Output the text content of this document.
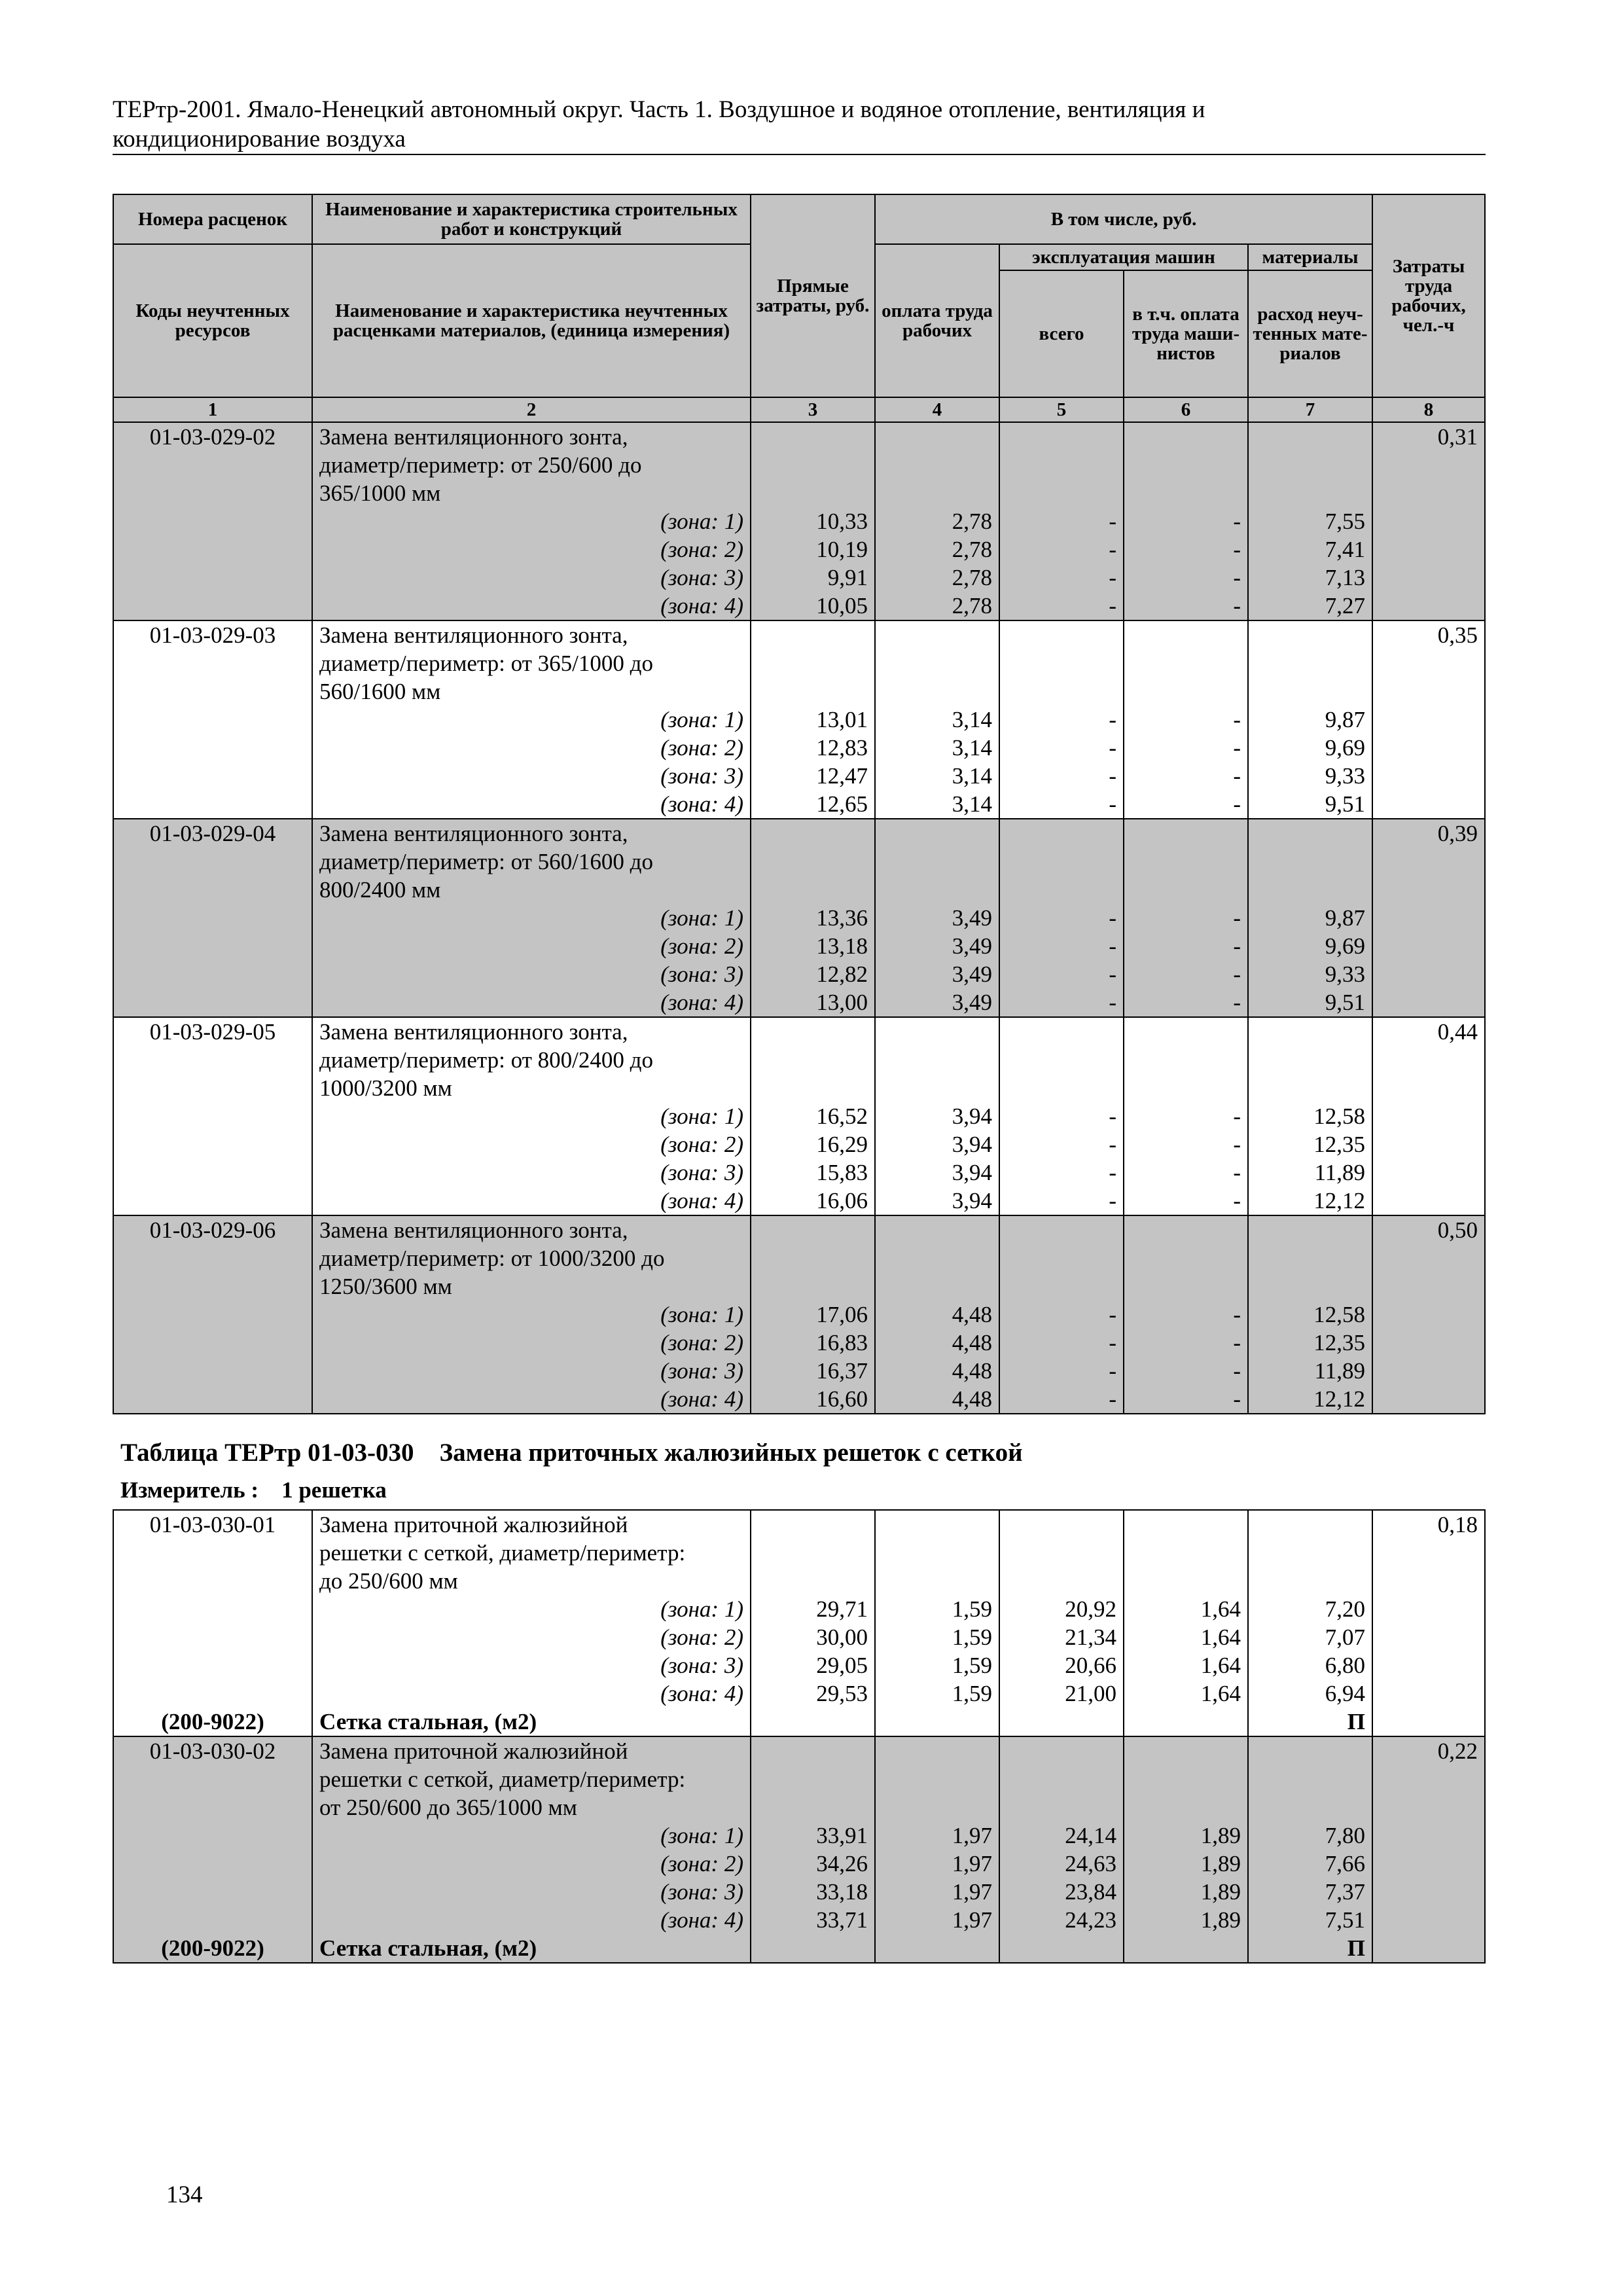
ТЕРтр-2001. Ямало-Ненецкий автономный округ. Часть 1. Воздушное и водяное отопление, вентиляция и
кондиционирование воздуха
Номера расценок	Наименование и характеристика строительных работ и конструкций	Прямые затраты, руб.	В том числе, руб.				Затраты труда рабочих, чел.-ч
Коды неучтенных ресурсов	Наименование и характеристика неучтенных расценками материалов, (единица измерения)		оплата труда рабочих	эксплуатация машин		материалы	
				всего	в т.ч. оплата труда маши-нистов	расход неуч-тенных мате-риалов	
1	2	3	4	5	6	7	8
01-03-029-02	Замена вентиляционного зонта,						0,31
	диаметр/периметр: от 250/600 до						
	365/1000 мм						
	(зона: 1)	10,33	2,78	-	-	7,55	
	(зона: 2)	10,19	2,78	-	-	7,41	
	(зона: 3)	9,91	2,78	-	-	7,13	
	(зона: 4)	10,05	2,78	-	-	7,27	
01-03-029-03	Замена вентиляционного зонта,						0,35
	диаметр/периметр: от 365/1000 до						
	560/1600 мм						
	(зона: 1)	13,01	3,14	-	-	9,87	
	(зона: 2)	12,83	3,14	-	-	9,69	
	(зона: 3)	12,47	3,14	-	-	9,33	
	(зона: 4)	12,65	3,14	-	-	9,51	
01-03-029-04	Замена вентиляционного зонта,						0,39
	диаметр/периметр: от 560/1600 до						
	800/2400 мм						
	(зона: 1)	13,36	3,49	-	-	9,87	
	(зона: 2)	13,18	3,49	-	-	9,69	
	(зона: 3)	12,82	3,49	-	-	9,33	
	(зона: 4)	13,00	3,49	-	-	9,51	
01-03-029-05	Замена вентиляционного зонта,						0,44
	диаметр/периметр: от 800/2400 до						
	1000/3200 мм						
	(зона: 1)	16,52	3,94	-	-	12,58	
	(зона: 2)	16,29	3,94	-	-	12,35	
	(зона: 3)	15,83	3,94	-	-	11,89	
	(зона: 4)	16,06	3,94	-	-	12,12	
01-03-029-06	Замена вентиляционного зонта,						0,50
	диаметр/периметр: от 1000/3200 до						
	1250/3600 мм						
	(зона: 1)	17,06	4,48	-	-	12,58	
	(зона: 2)	16,83	4,48	-	-	12,35	
	(зона: 3)	16,37	4,48	-	-	11,89	
	(зона: 4)	16,60	4,48	-	-	12,12	
Таблица ТЕРтр 01-03-030    Замена приточных жалюзийных решеток с сеткой
Измеритель : 1 решетка
01-03-030-01	Замена приточной жалюзийной						0,18
	решетки с сеткой, диаметр/периметр:						
	до 250/600 мм						
	(зона: 1)	29,71	1,59	20,92	1,64	7,20	
	(зона: 2)	30,00	1,59	21,34	1,64	7,07	
	(зона: 3)	29,05	1,59	20,66	1,64	6,80	
	(зона: 4)	29,53	1,59	21,00	1,64	6,94	
(200-9022)	Сетка стальная, (м2)					П	
01-03-030-02	Замена приточной жалюзийной						0,22
	решетки с сеткой, диаметр/периметр:						
	от 250/600 до 365/1000 мм						
	(зона: 1)	33,91	1,97	24,14	1,89	7,80	
	(зона: 2)	34,26	1,97	24,63	1,89	7,66	
	(зона: 3)	33,18	1,97	23,84	1,89	7,37	
	(зона: 4)	33,71	1,97	24,23	1,89	7,51	
(200-9022)	Сетка стальная, (м2)					П	
134
